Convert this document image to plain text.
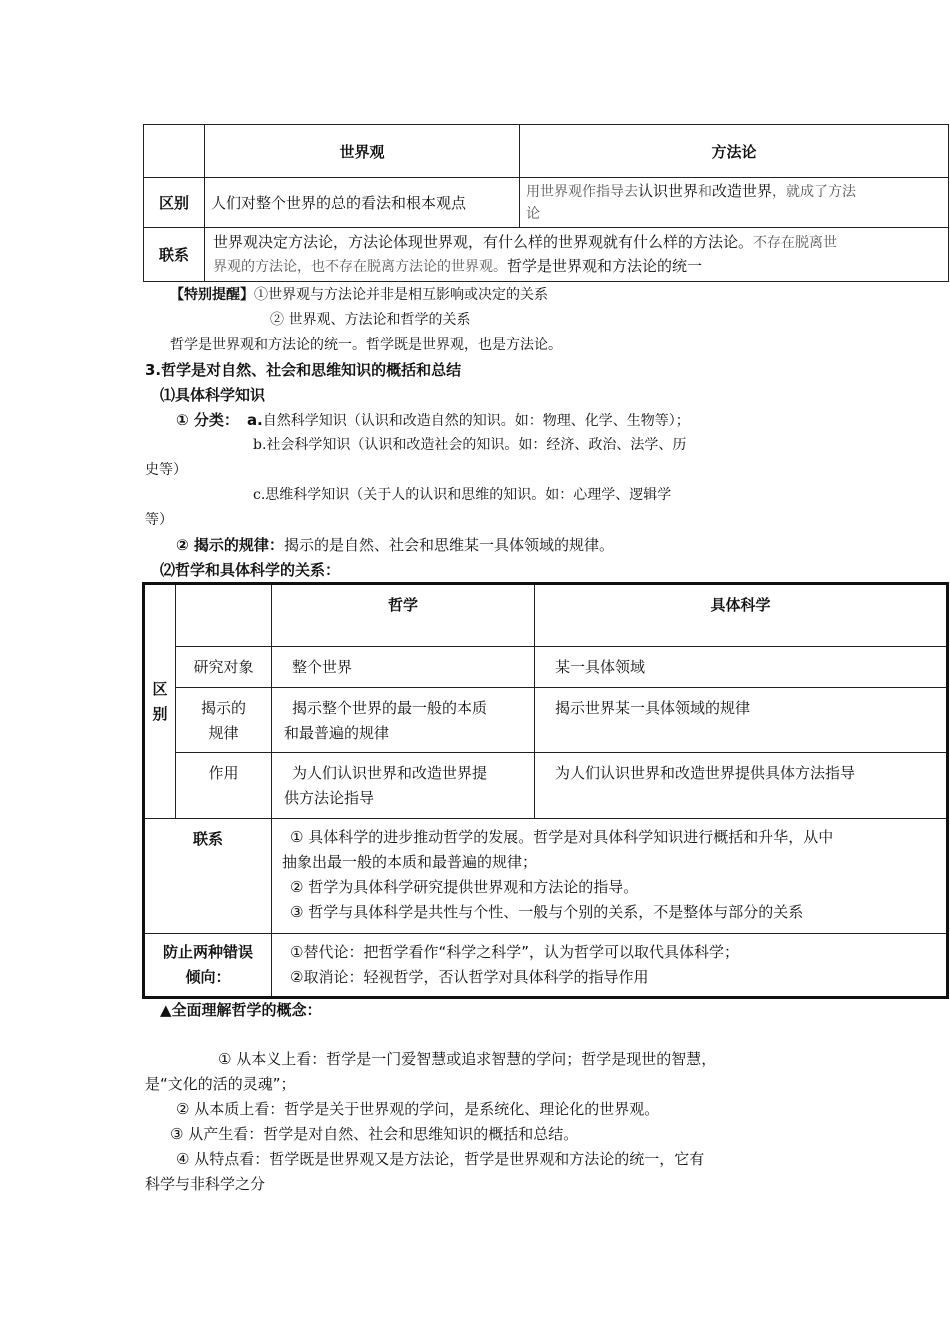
	世界观	方法论
区别	人们对整个世界的总的看法和根本观点	用世界观作指导去认识世界和改造世界，就成了方法
论
联系	世界观决定方法论，方法论体现世界观，有什么样的世界观就有什么样的方法论。不存在脱离世
界观的方法论，也不存在脱离方法论的世界观。哲学是世界观和方法论的统一	
【特别提醒】①世界观与方法论并非是相互影响或决定的关系
② 世界观、方法论和哲学的关系
哲学是世界观和方法论的统一。哲学既是世界观，也是方法论。
3.哲学是对自然、社会和思维知识的概括和总结
⑴具体科学知识
① 分类： a.自然科学知识（认识和改造自然的知识。如：物理、化学、生物等）；
b.社会科学知识（认识和改造社会的知识。如：经济、政治、法学、历
史等）
c.思维科学知识（关于人的认识和思维的知识。如：心理学、逻辑学
等）
② 揭示的规律：揭示的是自然、社会和思维某一具体领域的规律。
⑵哲学和具体科学的关系：
区
别		哲学	具体科学
	研究对象	整个世界	某一具体领域
	揭示的
规律	揭示整个世界的最一般的本质
和最普遍的规律	揭示世界某一具体领域的规律
	作用	为人们认识世界和改造世界提
供方法论指导	为人们认识世界和改造世界提供具体方法指导
联系		① 具体科学的进步推动哲学的发展。哲学是对具体科学知识进行概括和升华，从中
抽象出最一般的本质和最普遍的规律；
② 哲学为具体科学研究提供世界观和方法论的指导。
③ 哲学与具体科学是共性与个性、一般与个别的关系，不是整体与部分的关系	
防止两种错误
倾向：		①替代论：把哲学看作“科学之科学”，认为哲学可以取代具体科学；
②取消论：轻视哲学，否认哲学对具体科学的指导作用	
▲全面理解哲学的概念：
① 从本义上看：哲学是一门爱智慧或追求智慧的学问；哲学是现世的智慧，
是“文化的活的灵魂”；
② 从本质上看：哲学是关于世界观的学问，是系统化、理论化的世界观。
③ 从产生看：哲学是对自然、社会和思维知识的概括和总结。
④ 从特点看：哲学既是世界观又是方法论，哲学是世界观和方法论的统一，它有
科学与非科学之分
